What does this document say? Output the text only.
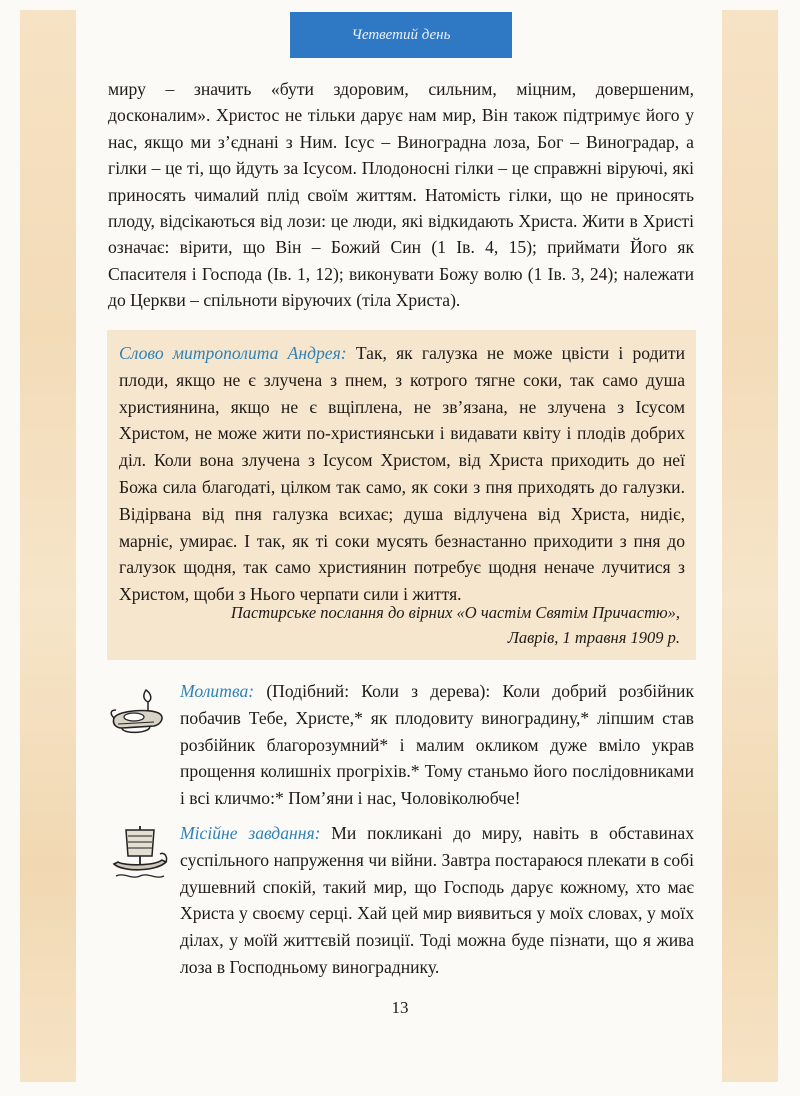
Четветий день

миру – значить «бути здоровим, сильним, міцним, довершеним, досконалим». Христос не тільки дарує нам мир, Він також підтримує його у нас, якщо ми з’єднані з Ним. Ісус – Виноградна лоза, Бог – Виноградар, а гілки – це ті, що йдуть за Ісусом. Плодоносні гілки – це справжні віруючі, які приносять чималий плід своїм життям. Натомість гілки, що не приносять плоду, відсікаються від лози: це люди, які відкидають Христа. Жити в Христі означає: вірити, що Він – Божий Син (1 Ів. 4, 15); приймати Його як Спасителя і Господа (Ів. 1, 12); виконувати Божу волю (1 Ів. 3, 24); належати до Церкви – спільноти віруючих (тіла Христа).

Слово митрополита Андрея: Так, як галузка не може цвісти і родити плоди, якщо не є злучена з пнем, з котрого тягне соки, так само душа християнина, якщо не є вщіплена, не зв’язана, не злучена з Ісусом Христом, не може жити по-християнськи і видавати квіту і плодів добрих діл. Коли вона злучена з Ісусом Христом, від Христа приходить до неї Божа сила благодаті, цілком так само, як соки з пня приходять до галузки. Відірвана від пня галузка всихає; душа відлучена від Христа, нидіє, марніє, умирає. І так, як ті соки мусять безнастанно приходити з пня до галузок щодня, так само християнин потребує щодня неначе лучитися з Христом, щоби з Нього черпати сили і життя.

Пастирське послання до вірних «О частім Святім Причастю»,
Лаврів, 1 травня 1909 р.

Молитва: (Подібний: Коли з дерева): Коли добрий розбійник побачив Тебе, Христе,* як плодовиту виноградину,* ліпшим став розбійник благорозумний* і малим окликом дуже вміло украв прощення колишніх прогріхів.* Тому станьмо його послідовниками і всі кличмо:* Пом’яни і нас, Чоловіколюбче!

Місійне завдання: Ми покликані до миру, навіть в обставинах суспільного напруження чи війни. Завтра постараюся плекати в собі душевний спокій, такий мир, що Господь дарує кожному, хто має Христа у своєму серці. Хай цей мир виявиться у моїх словах, у моїх ділах, у моїй життєвій позиції. Тоді можна буде пізнати, що я жива лоза в Господньому винограднику.

13
